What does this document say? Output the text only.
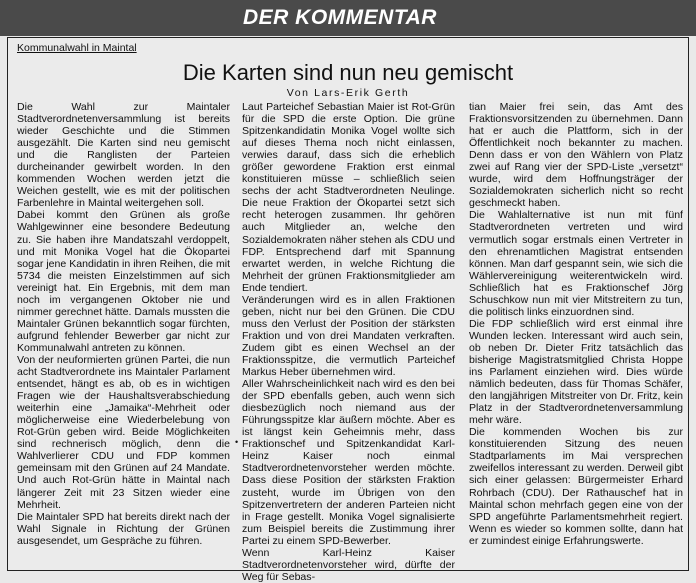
DER KOMMENTAR
Kommunalwahl in Maintal
Die Karten sind nun neu gemischt
Von Lars-Erik Gerth

Die Wahl zur Maintaler Stadtverordnetenversammlung ist bereits wieder Geschichte und die Stimmen ausgezählt. Die Karten sind neu gemischt und die Ranglisten der Parteien durcheinander gewirbelt worden. In den kommenden Wochen werden jetzt die Weichen gestellt, wie es mit der politischen Farbenlehre in Maintal weitergehen soll.

Dabei kommt den Grünen als große Wahlgewinner eine besondere Bedeutung zu. Sie haben ihre Mandatszahl verdoppelt, und mit Monika Vogel hat die Ökopartei sogar jene Kandidatin in ihren Reihen, die mit 5734 die meisten Einzelstimmen auf sich vereinigt hat. Ein Ergebnis, mit dem man noch im vergangenen Oktober nie und nimmer gerechnet hätte. Damals mussten die Maintaler Grünen bekanntlich sogar fürchten, aufgrund fehlender Bewerber gar nicht zur Kommunalwahl antreten zu können.

Von der neuformierten grünen Partei, die nun acht Stadtverordnete ins Maintaler Parlament entsendet, hängt es ab, ob es in wichtigen Fragen wie der Haushaltsverabschiedung weiterhin eine „Jamaika“-Mehrheit oder möglicherweise eine Wiederbelebung von Rot-Grün geben wird. Beide Möglichkeiten sind rechnerisch möglich, denn die Wahlverlierer CDU und FDP kommen gemeinsam mit den Grünen auf 24 Mandate. Und auch Rot-Grün hätte in Maintal nach längerer Zeit mit 23 Sitzen wieder eine Mehrheit.

Die Maintaler SPD hat bereits direkt nach der Wahl Signale in Richtung der Grünen ausgesendet, um Gespräche zu führen.

•

Laut Parteichef Sebastian Maier ist Rot-Grün für die SPD die erste Option. Die grüne Spitzenkandidatin Monika Vogel wollte sich auf dieses Thema noch nicht einlassen, verwies darauf, dass sich die erheblich größer gewordene Fraktion erst einmal konstituieren müsse – schließlich seien sechs der acht Stadtverordneten Neulinge. Die neue Fraktion der Ökopartei setzt sich recht heterogen zusammen. Ihr gehören auch Mitglieder an, welche den Sozialdemokraten näher stehen als CDU und FDP. Entsprechend darf mit Spannung erwartet werden, in welche Richtung die Mehrheit der grünen Fraktionsmitglieder am Ende tendiert.

Veränderungen wird es in allen Fraktionen geben, nicht nur bei den Grünen. Die CDU muss den Verlust der Position der stärksten Fraktion und von drei Mandaten verkraften. Zudem gibt es einen Wechsel an der Fraktionsspitze, die vermutlich Parteichef Markus Heber übernehmen wird.

Aller Wahrscheinlichkeit nach wird es den bei der SPD ebenfalls geben, auch wenn sich diesbezüglich noch niemand aus der Führungsspitze klar äußern möchte. Aber es ist längst kein Geheimnis mehr, dass Fraktionschef und Spitzenkandidat Karl-Heinz Kaiser noch einmal Stadtverordnetenvorsteher werden möchte. Dass diese Position der stärksten Fraktion zusteht, wurde im Übrigen von den Spitzenvertretern der anderen Parteien nicht in Frage gestellt. Monika Vogel signalisierte zum Beispiel bereits die Zustimmung ihrer Partei zu einem SPD-Bewerber.

Wenn Karl-Heinz Kaiser Stadtverordnetenvorsteher wird, dürfte der Weg für Sebas-

tian Maier frei sein, das Amt des Fraktionsvorsitzenden zu übernehmen. Dann hat er auch die Plattform, sich in der Öffentlichkeit noch bekannter zu machen. Denn dass er von den Wählern von Platz zwei auf Rang vier der SPD-Liste „versetzt“ wurde, wird dem Hoffnungsträger der Sozialdemokraten sicherlich nicht so recht geschmeckt haben.

Die Wahlalternative ist nun mit fünf Stadtverordneten vertreten und wird vermutlich sogar erstmals einen Vertreter in den ehrenamtlichen Magistrat entsenden können. Man darf gespannt sein, wie sich die Wählervereinigung weiterentwickeln wird. Schließlich hat es Fraktionschef Jörg Schuschkow nun mit vier Mitstreitern zu tun, die politisch links einzuordnen sind.

Die FDP schließlich wird erst einmal ihre Wunden lecken. Interessant wird auch sein, ob neben Dr. Dieter Fritz tatsächlich das bisherige Magistratsmitglied Christa Hoppe ins Parlament einziehen wird. Dies würde nämlich bedeuten, dass für Thomas Schäfer, den langjährigen Mitstreiter von Dr. Fritz, kein Platz in der Stadtverordnetenversammlung mehr wäre.

Die kommenden Wochen bis zur konstituierenden Sitzung des neuen Stadtparlaments im Mai versprechen zweifellos interessant zu werden. Derweil gibt sich einer gelassen: Bürgermeister Erhard Rohrbach (CDU). Der Rathauschef hat in Maintal schon mehrfach gegen eine von der SPD angeführte Parlamentsmehrheit regiert. Wenn es wieder so kommen sollte, dann hat er zumindest einige Erfahrungswerte.
